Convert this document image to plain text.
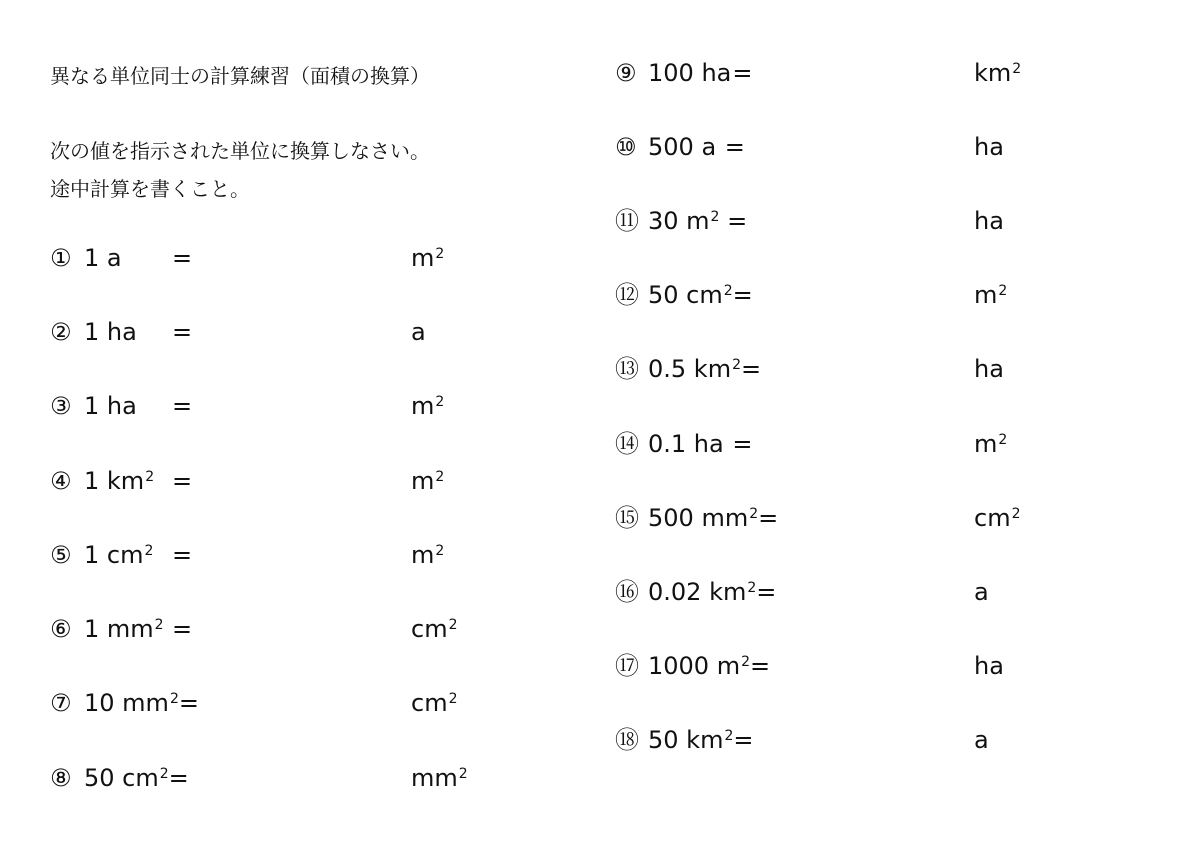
異なる単位同士の計算練習（面積の換算）

次の値を指示された単位に換算しなさい。

途中計算を書くこと。

① 1 a =	$m^2$
② 1 ha =	a
③ 1 ha =	$m^2$
④ 1 $km^2$ =	$m^2$
⑤ 1 $cm^2$ =	$m^2$
⑥ 1 $mm^2$ =	$cm^2$
⑦ 10 $mm^2=$	$cm^2$
⑧ 50 $cm^2=$	$mm^2$
⑨ 100 ha=	$km^2$
⑩ 500 a =	ha
⑪ 30 $m^2$ =	ha
⑫ 50 $cm^2=$	$m^2$
⑬ 0.5 $km^2=$	ha
⑭ 0.1 ha =	$m^2$
⑮ 500 $mm^2=$	$cm^2$
⑯ 0.02 $km^2=$	a
⑰ 1000 $m^2=$	ha
⑱ 50 $km^2=$	a
